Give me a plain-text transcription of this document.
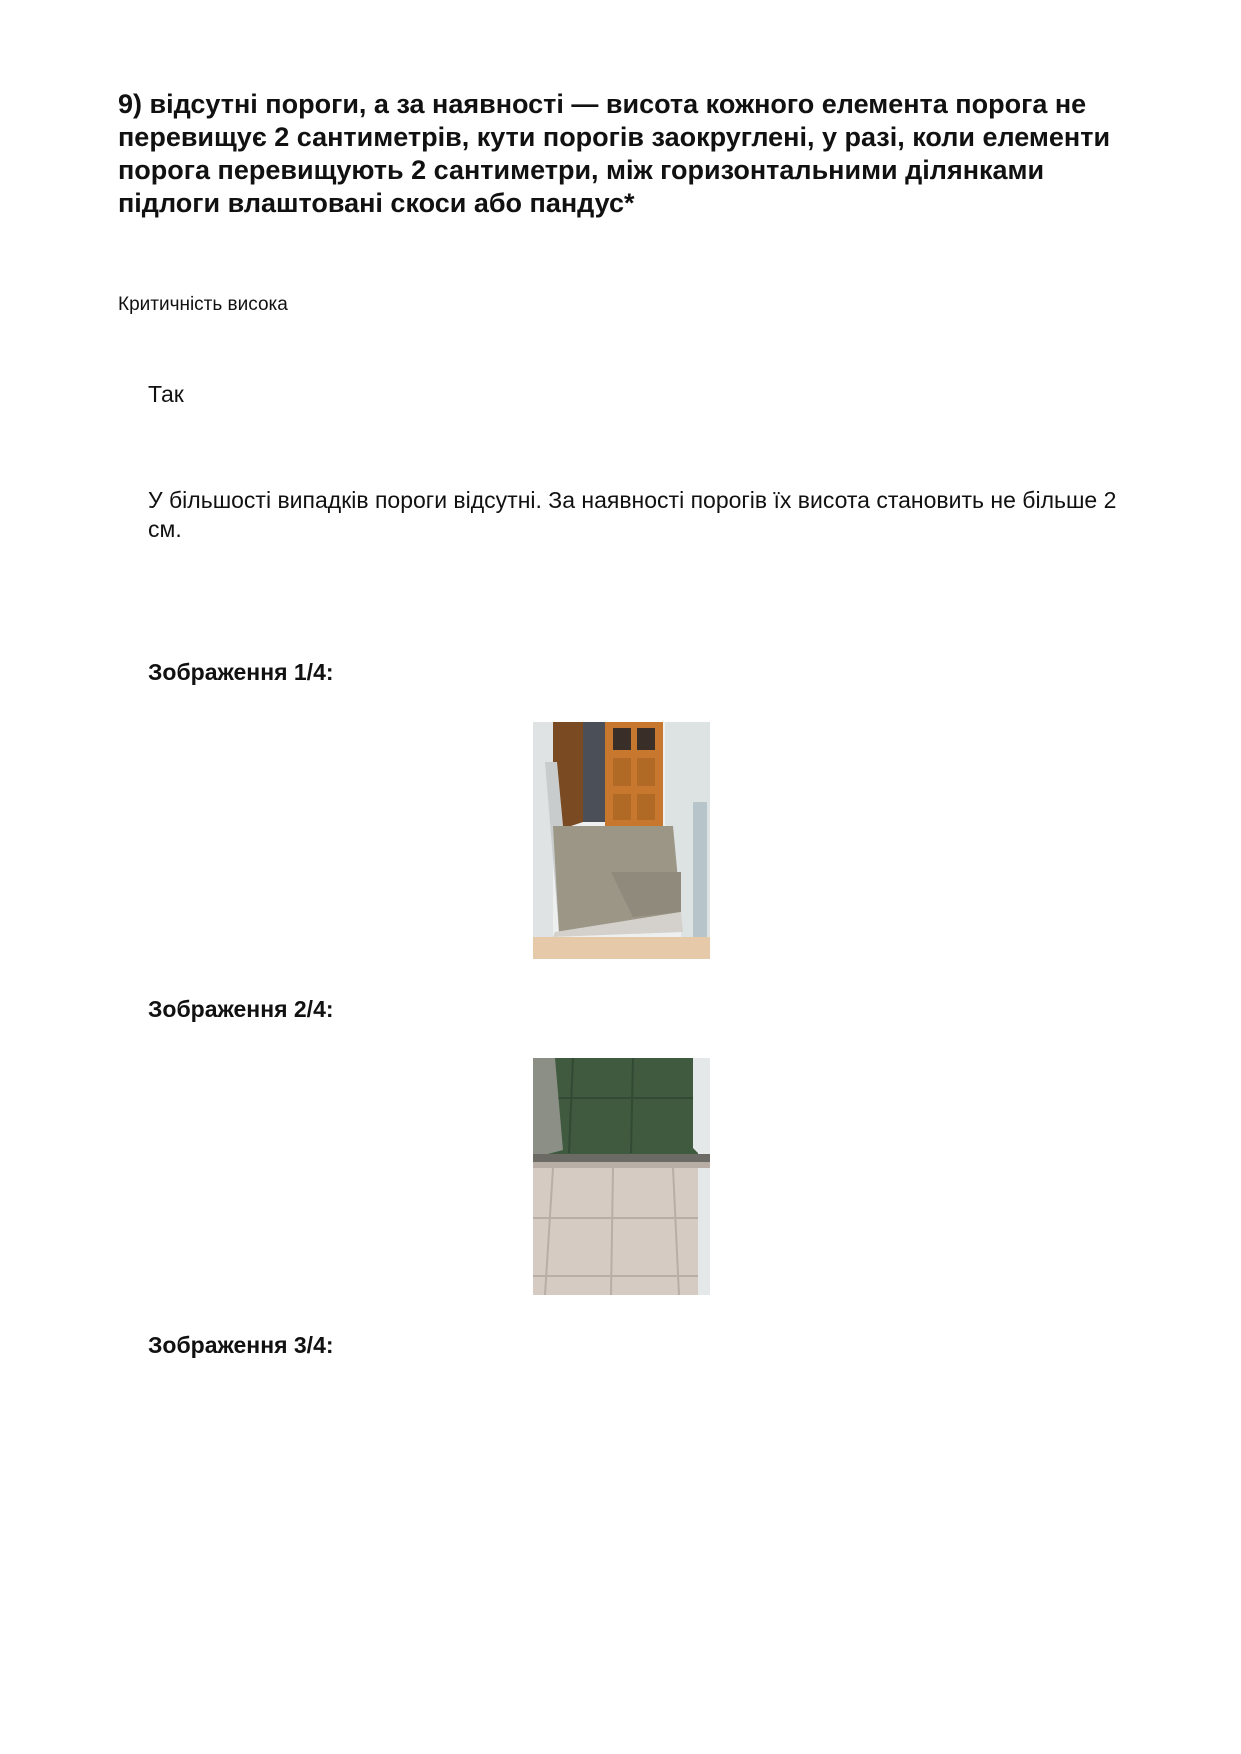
9) відсутні пороги, а за наявності — висота кожного елемента порога не перевищує 2 сантиметрів, кути порогів заокруглені, у разі, коли елементи порога перевищують 2 сантиметри, між горизонтальними ділянками підлоги влаштовані скоси або пандус*
Критичність висока
Так
У більшості випадків пороги відсутні. За наявності порогів їх висота становить не більше 2 см.
Зображення 1/4:
Зображення 2/4:
Зображення 3/4:
